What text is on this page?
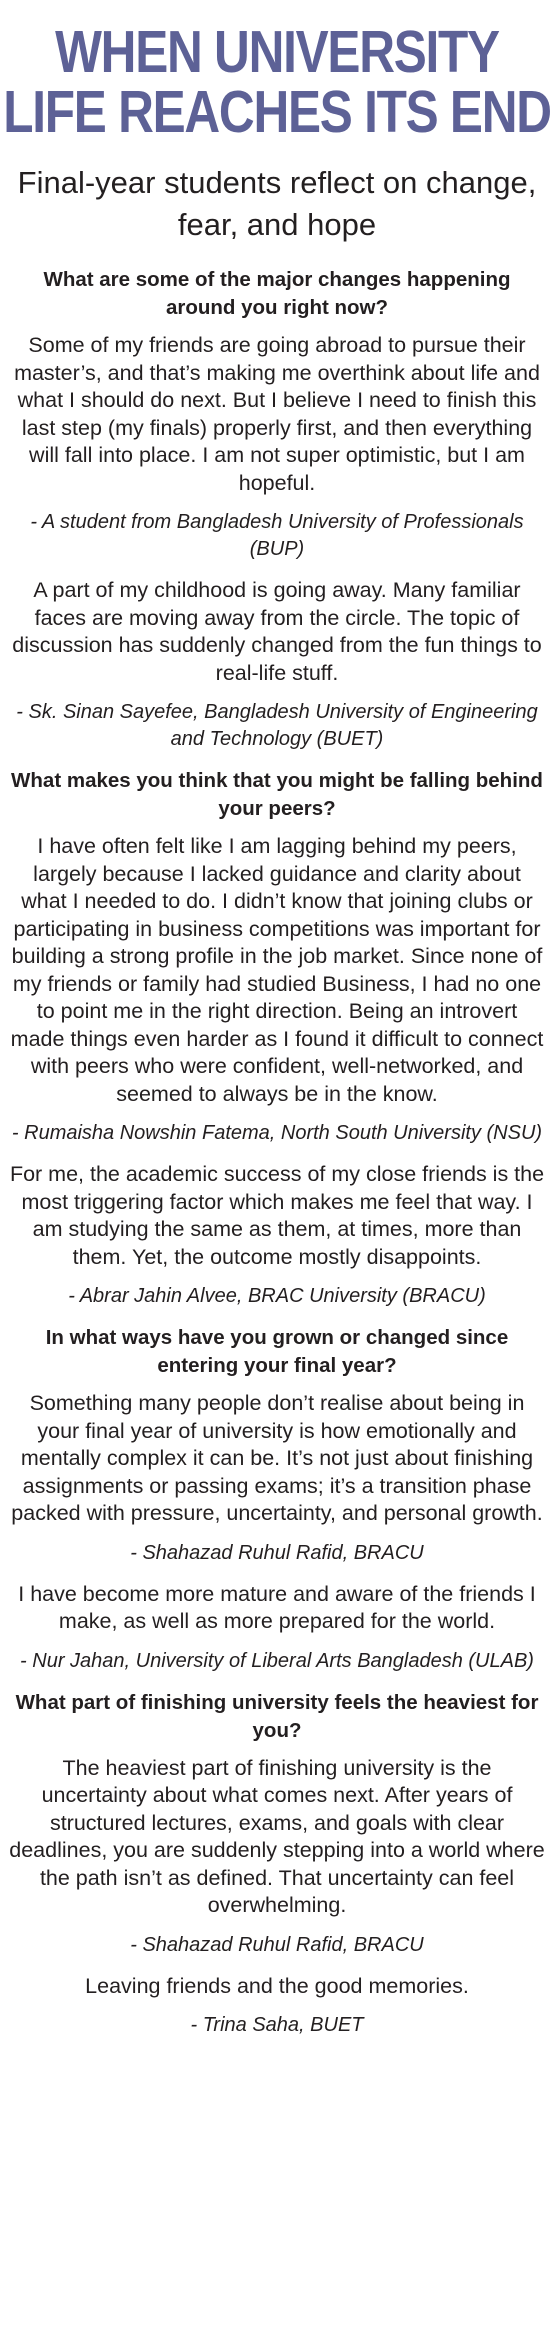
WHEN UNIVERSITY LIFE REACHES ITS END
Final-year students reflect on change, fear, and hope
What are some of the major changes happening around you right now?
Some of my friends are going abroad to pursue their master’s, and that’s making me overthink about life and what I should do next. But I believe I need to finish this last step (my finals) properly first, and then everything will fall into place. I am not super optimistic, but I am hopeful.
- A student from Bangladesh University of Professionals (BUP)
A part of my childhood is going away. Many familiar faces are moving away from the circle. The topic of discussion has suddenly changed from the fun things to real-life stuff.
- Sk. Sinan Sayefee, Bangladesh University of Engineering and Technology (BUET)
What makes you think that you might be falling behind your peers?
I have often felt like I am lagging behind my peers, largely because I lacked guidance and clarity about what I needed to do. I didn’t know that joining clubs or participating in business competitions was important for building a strong profile in the job market. Since none of my friends or family had studied Business, I had no one to point me in the right direction. Being an introvert made things even harder as I found it difficult to connect with peers who were confident, well-networked, and seemed to always be in the know.
- Rumaisha Nowshin Fatema, North South University (NSU)
For me, the academic success of my close friends is the most triggering factor which makes me feel that way. I am studying the same as them, at times, more than them. Yet, the outcome mostly disappoints.
- Abrar Jahin Alvee, BRAC University (BRACU)
In what ways have you grown or changed since entering your final year?
Something many people don’t realise about being in your final year of university is how emotionally and mentally complex it can be. It’s not just about finishing assignments or passing exams; it’s a transition phase packed with pressure, uncertainty, and personal growth.
- Shahazad Ruhul Rafid, BRACU
I have become more mature and aware of the friends I make, as well as more prepared for the world.
- Nur Jahan, University of Liberal Arts Bangladesh (ULAB)
What part of finishing university feels the heaviest for you?
The heaviest part of finishing university is the uncertainty about what comes next. After years of structured lectures, exams, and goals with clear deadlines, you are suddenly stepping into a world where the path isn’t as defined. That uncertainty can feel overwhelming.
- Shahazad Ruhul Rafid, BRACU
Leaving friends and the good memories.
- Trina Saha, BUET
